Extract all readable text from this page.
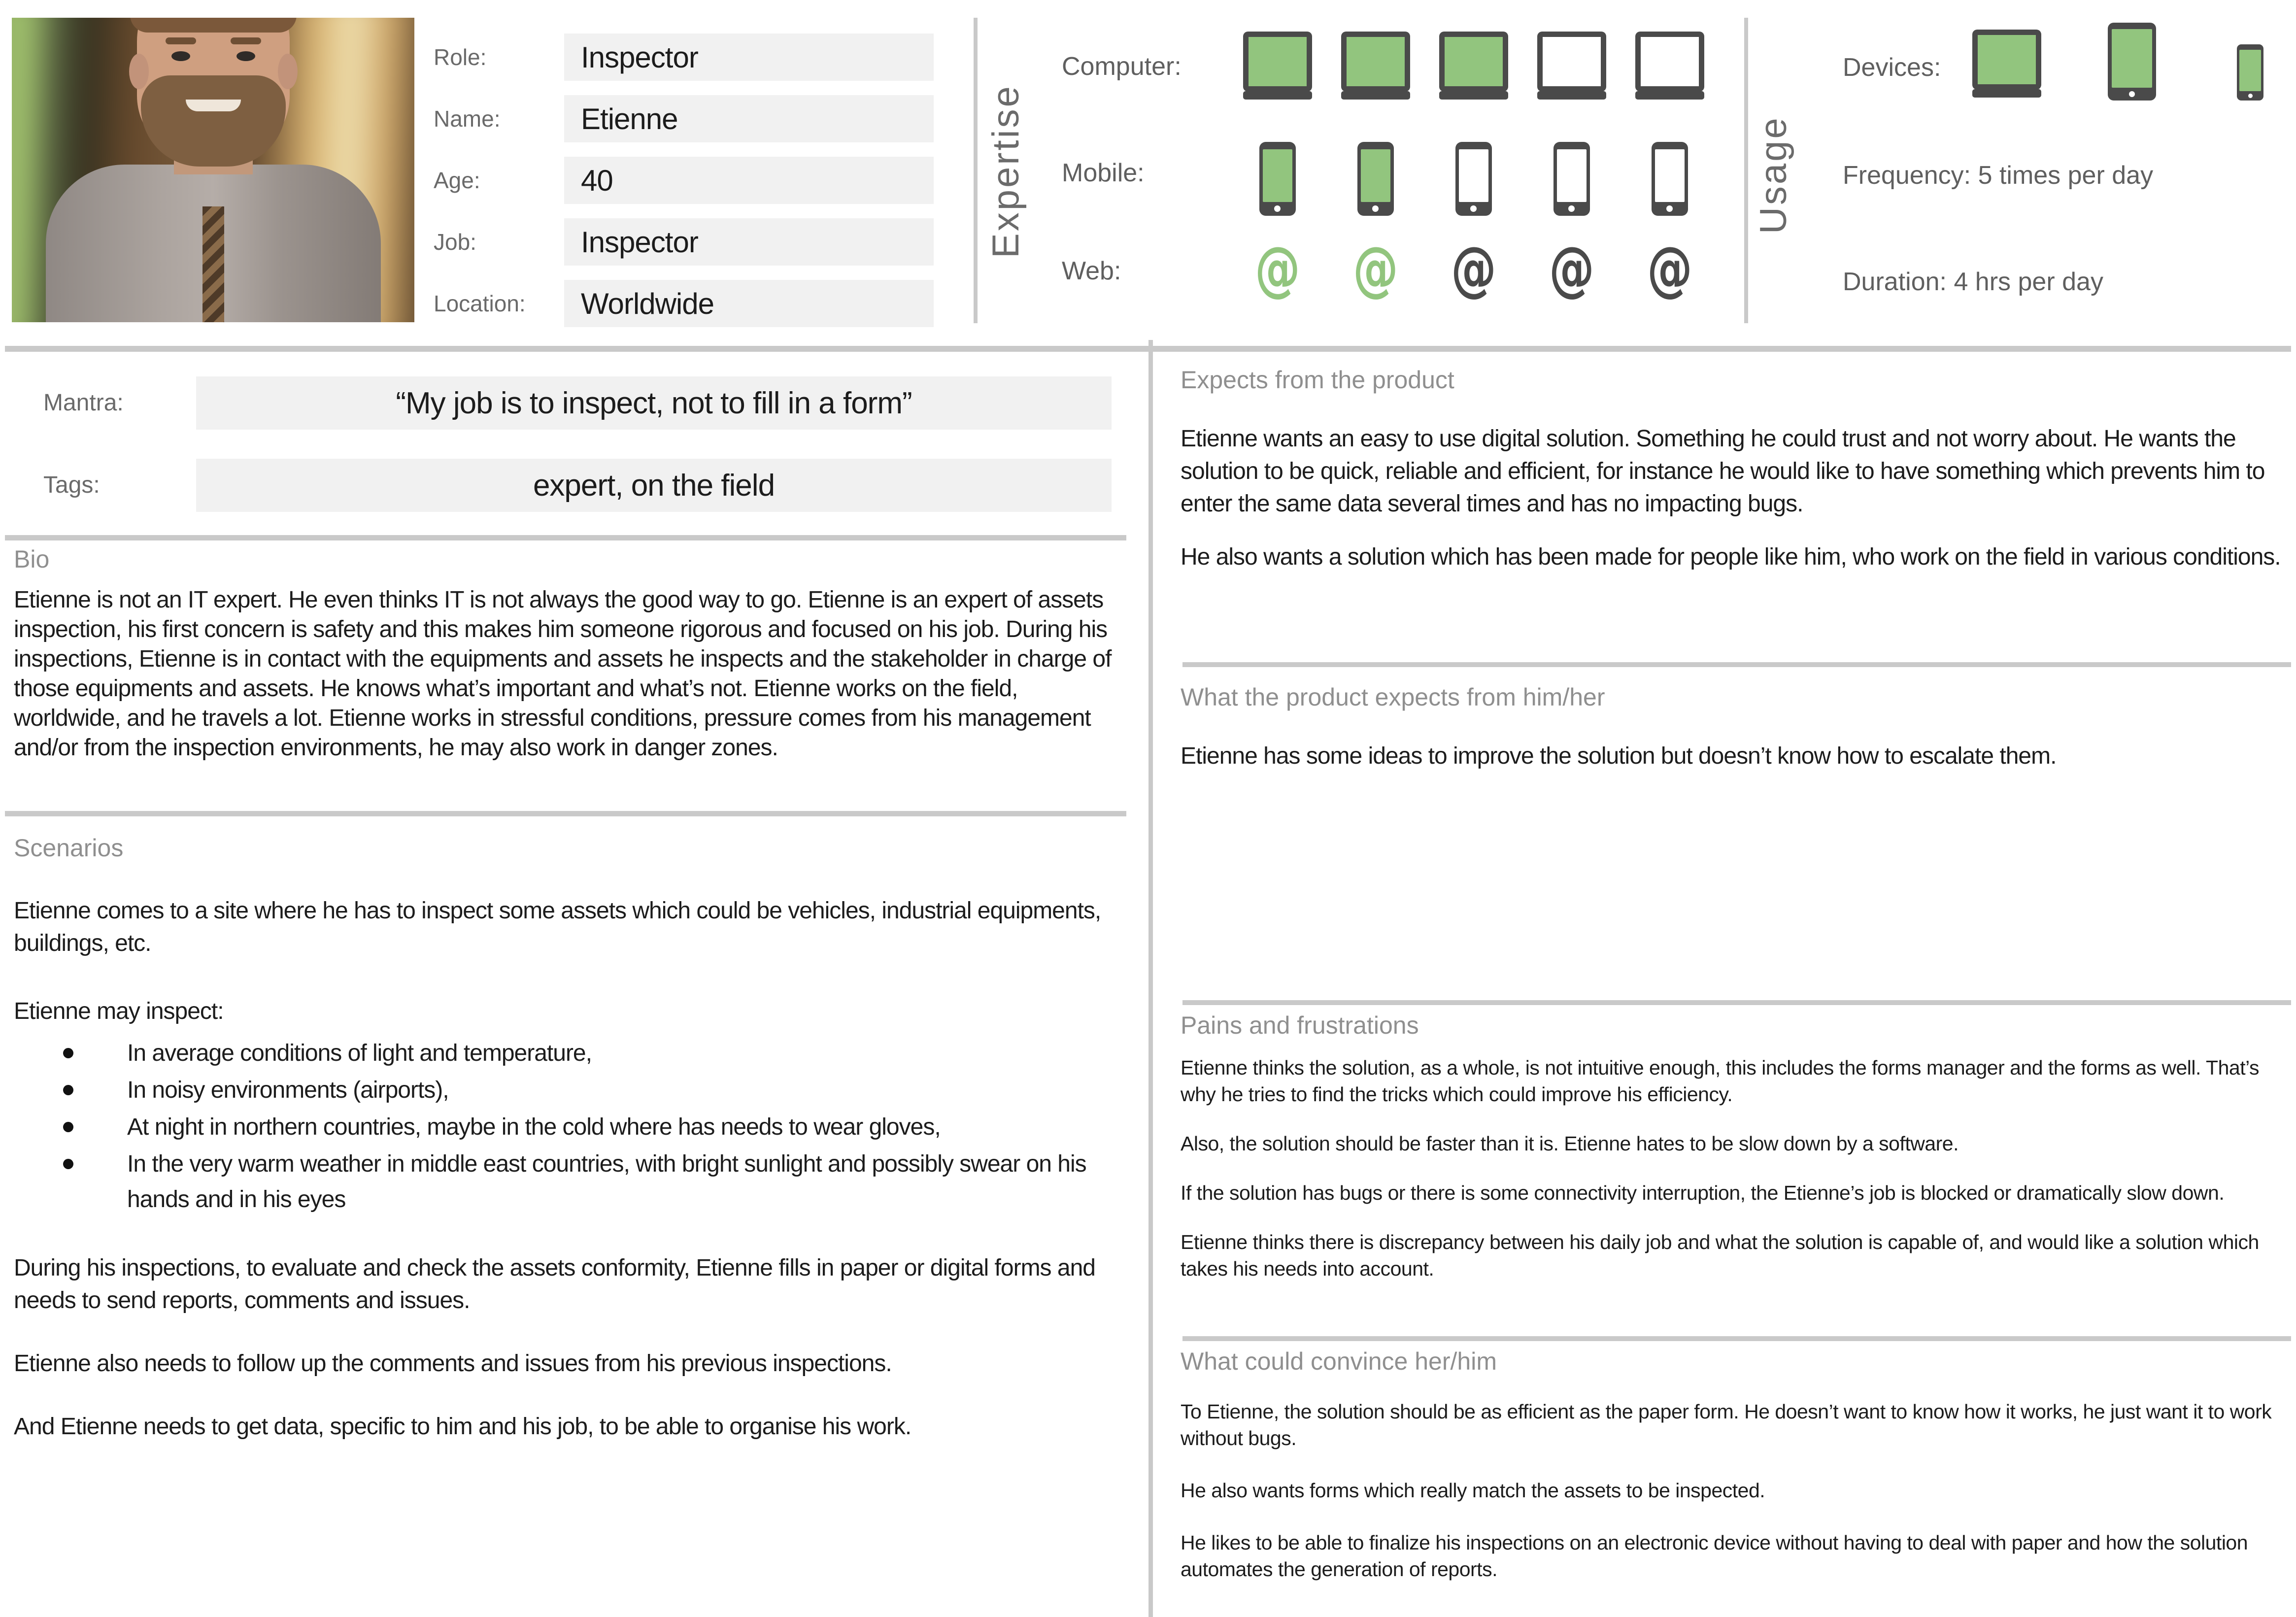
Role:	Inspector
Name:	Etienne
Age:	40
Job:	Inspector
Location:	Worldwide
Expertise
Computer:
Mobile:
Web: @ @ @ @ @
Usage
Devices:
Frequency: 5 times per day
Duration: 4 hrs per day
Mantra:	“My job is to inspect, not to fill in a form”
Tags:	expert, on the field
Bio

Etienne is not an IT expert. He even thinks IT is not always the good way to go. Etienne is an expert of assets inspection, his first concern is safety and this makes him someone rigorous and focused on his job. During his inspections, Etienne is in contact with the equipments and assets he inspects and the stakeholder in charge of those equipments and assets. He knows what’s important and what’s not. Etienne works on the field, worldwide, and he travels a lot. Etienne works in stressful conditions, pressure comes from his management and/or from the inspection environments, he may also work in danger zones.

Scenarios

Etienne comes to a site where he has to inspect some assets which could be vehicles, industrial equipments, buildings, etc.

Etienne may inspect:

In average conditions of light and temperature,
In noisy environments (airports),
At night in northern countries, maybe in the cold where has needs to wear gloves,
In the very warm weather in middle east countries, with bright sunlight and possibly swear on his hands and in his eyes

During his inspections, to evaluate and check the assets conformity, Etienne fills in paper or digital forms and needs to send reports, comments and issues.

Etienne also needs to follow up the comments and issues from his previous inspections.

And Etienne needs to get data, specific to him and his job, to be able to organise his work.

Expects from the product

Etienne wants an easy to use digital solution. Something he could trust and not worry about. He wants the solution to be quick, reliable and efficient, for instance he would like to have something which prevents him to enter the same data several times and has no impacting bugs.

He also wants a solution which has been made for people like him, who work on the field in various conditions.

What the product expects from him/her

Etienne has some ideas to improve the solution but doesn’t know how to escalate them.

Pains and frustrations

Etienne thinks the solution, as a whole, is not intuitive enough, this includes the forms manager and the forms as well. That’s why he tries to find the tricks which could improve his efficiency.

Also, the solution should be faster than it is. Etienne hates to be slow down by a software.

If the solution has bugs or there is some connectivity interruption, the Etienne’s job is blocked or dramatically slow down.

Etienne thinks there is discrepancy between his daily job and what the solution is capable of, and would like a solution which takes his needs into account.

What could convince her/him

To Etienne, the solution should be as efficient as the paper form. He doesn’t want to know how it works, he just want it to work without bugs.

He also wants forms which really match the assets to be inspected.

He likes to be able to finalize his inspections on an electronic device without having to deal with paper and how the solution automates the generation of reports.
